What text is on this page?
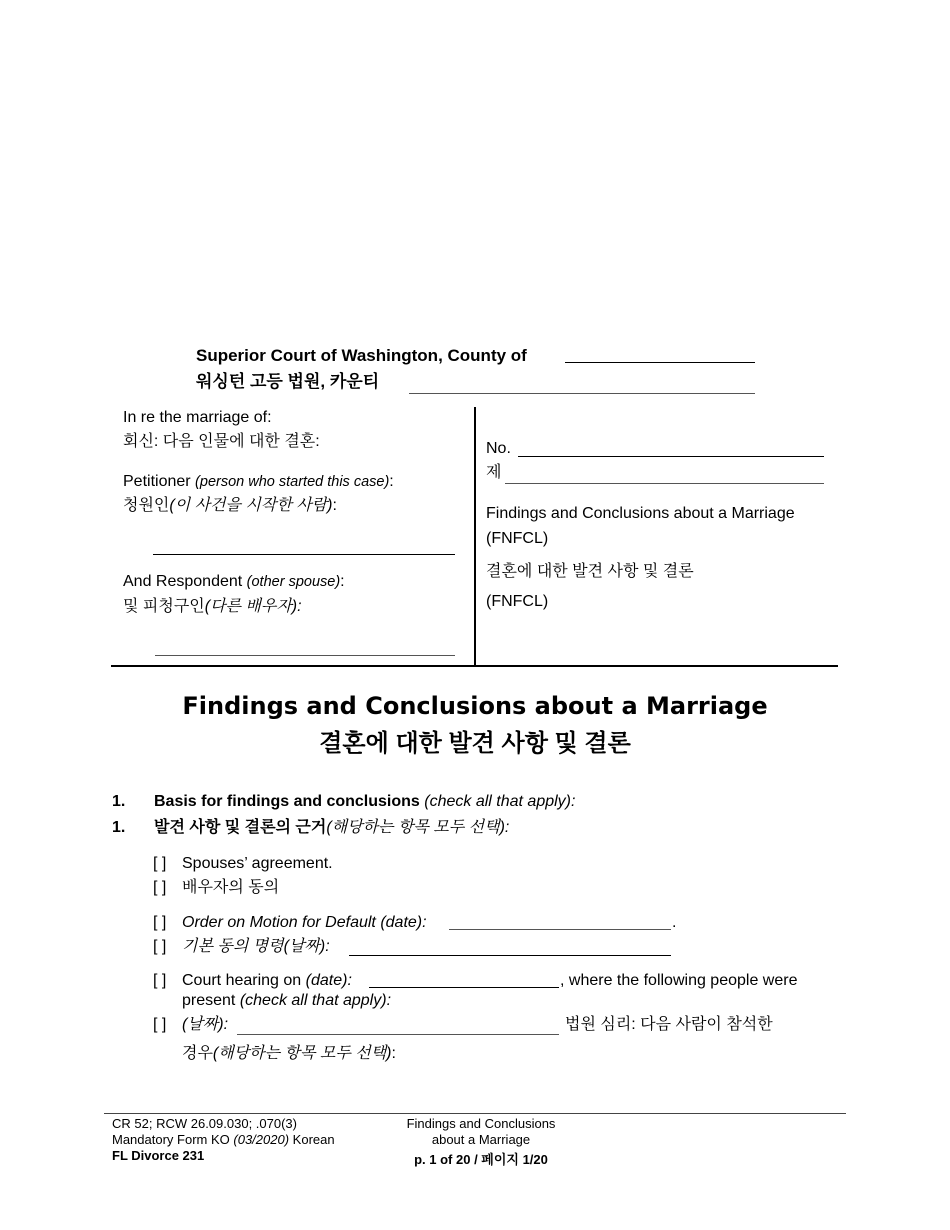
Superior Court of Washington, County of
워싱턴 고등 법원, 카운티
In re the marriage of:
회신: 다음 인물에 대한 결혼:
Petitioner (person who started this case):
청원인(이 사건을 시작한 사람):
And Respondent (other spouse):
및 피청구인(다른 배우자):
No.
제
Findings and Conclusions about a Marriage
(FNFCL)
결혼에 대한 발견 사항 및 결론
(FNFCL)
Findings and Conclusions about a Marriage
결혼에 대한 발견 사항 및 결론
1. Basis for findings and conclusions (check all that apply):
1. 발견 사항 및 결론의 근거(해당하는 항목 모두 선택):
[ ] Spouses’ agreement.
[ ] 배우자의 동의
[ ] Order on Motion for Default (date):	.
[ ] 기본 동의 명령(날짜):
[ ] Court hearing on (date):	, where the following people were
present (check all that apply):
[ ] (날짜):	법원 심리: 다음 사람이 참석한
경우(해당하는 항목 모두 선택):
CR 52; RCW 26.09.030; .070(3)
Mandatory Form KO (03/2020) Korean
FL Divorce 231
Findings and Conclusions
about a Marriage
p. 1 of 20 / 페이지 1/20
